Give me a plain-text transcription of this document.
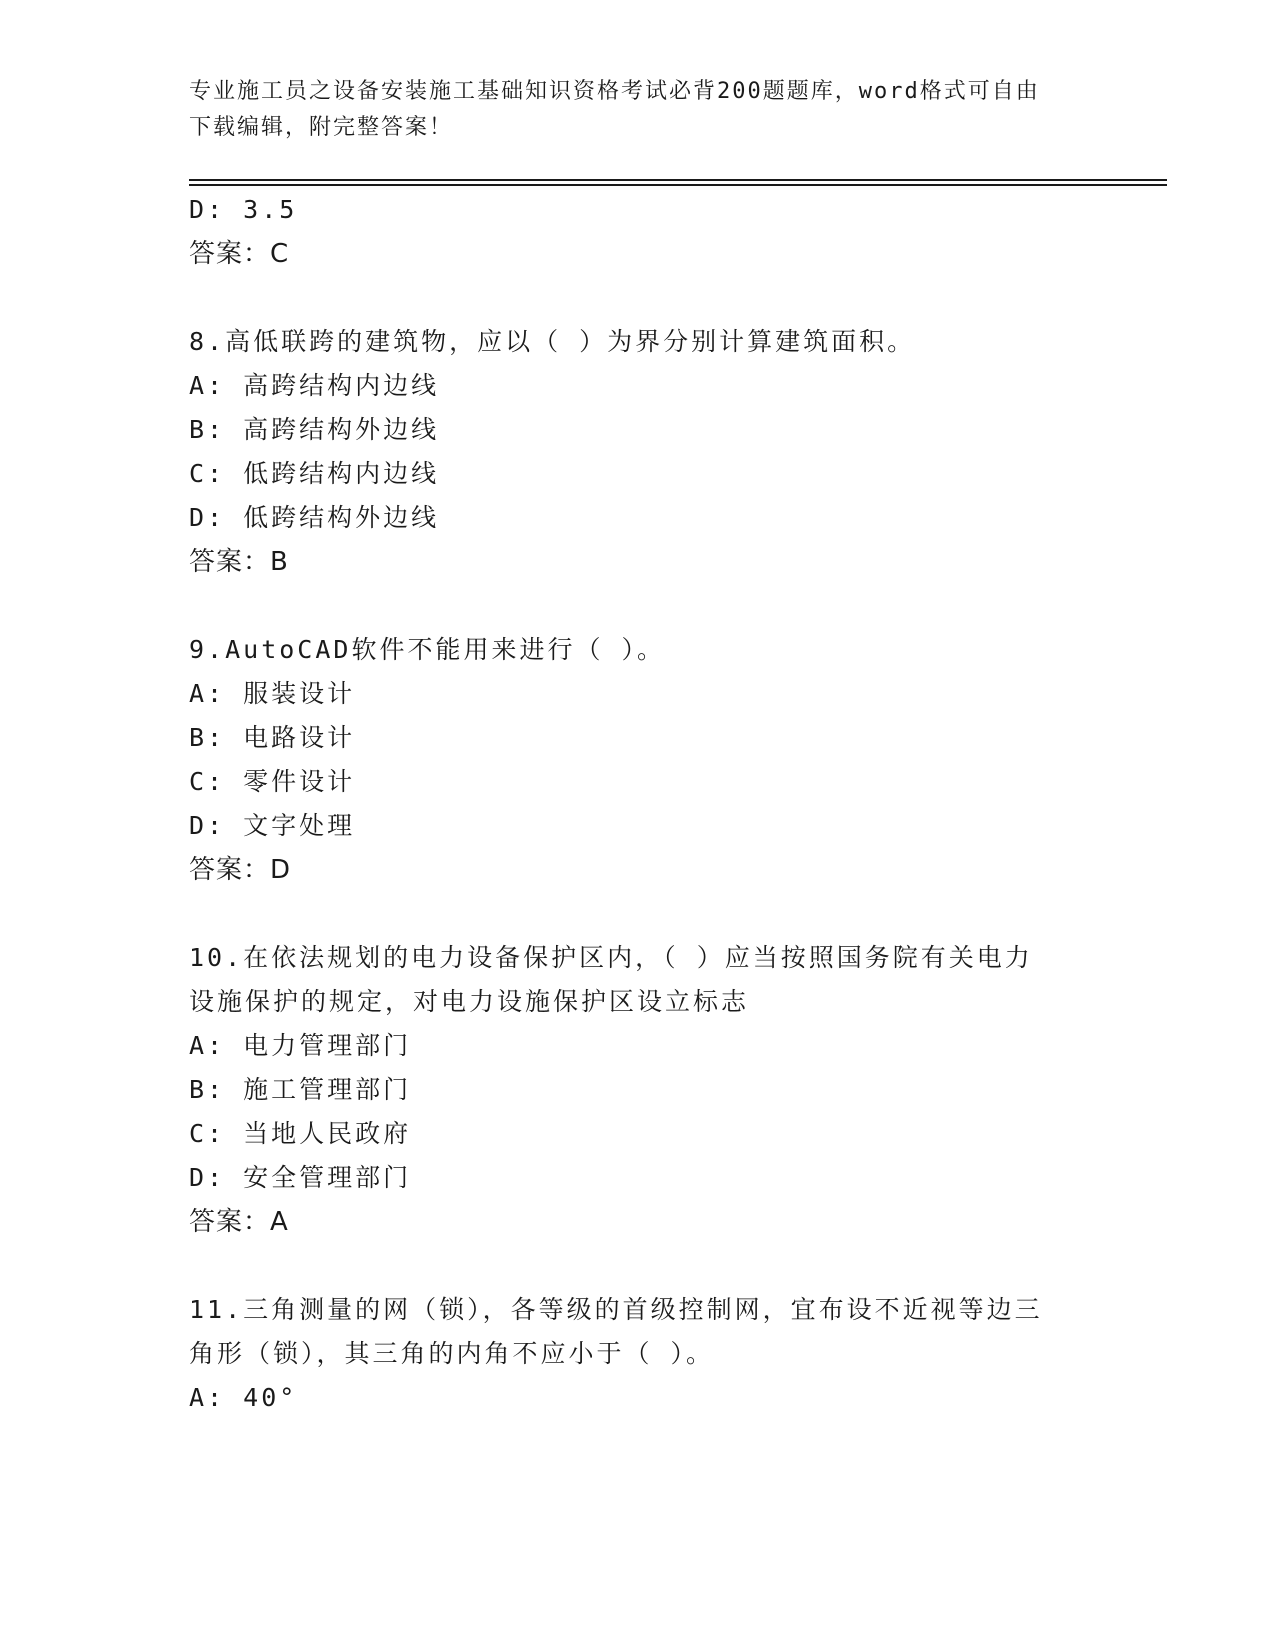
专业施工员之设备安装施工基础知识资格考试必背200题题库，word格式可自由
下载编辑，附完整答案！
D: 3.5
答案：C
8.高低联跨的建筑物，应以（ ）为界分别计算建筑面积。
A: 高跨结构内边线
B: 高跨结构外边线
C: 低跨结构内边线
D: 低跨结构外边线
答案：B
9.AutoCAD软件不能用来进行（ ）。
A: 服装设计
B: 电路设计
C: 零件设计
D: 文字处理
答案：D
10.在依法规划的电力设备保护区内，（ ）应当按照国务院有关电力
设施保护的规定，对电力设施保护区设立标志
A: 电力管理部门
B: 施工管理部门
C: 当地人民政府
D: 安全管理部门
答案：A
11.三角测量的网（锁），各等级的首级控制网，宜布设不近视等边三
角形（锁），其三角的内角不应小于（ ）。
A: 40°
